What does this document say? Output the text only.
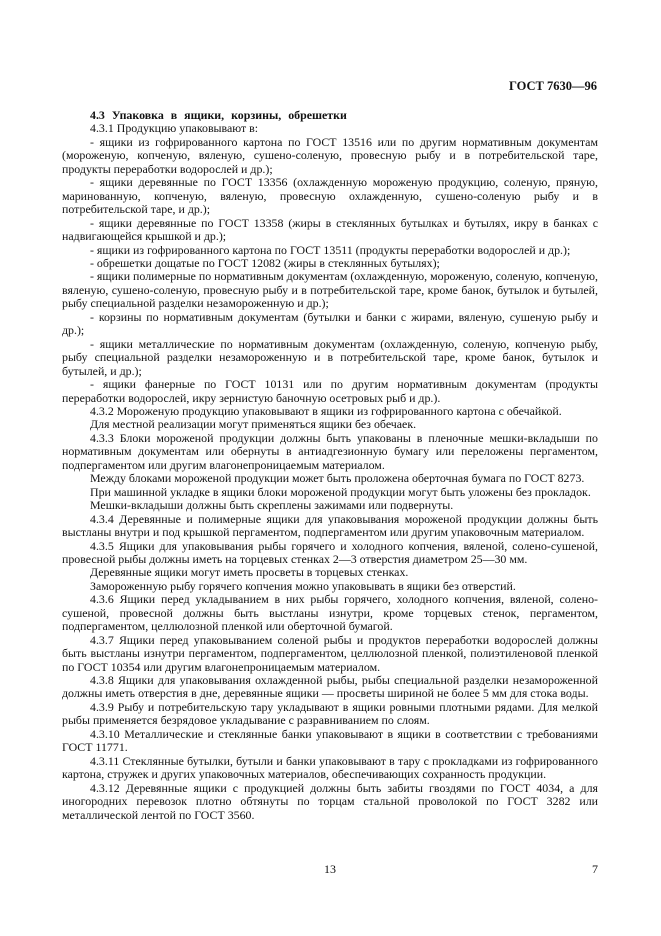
ГОСТ 7630—96
4.3 Упаковка в ящики, корзины, обрешетки

4.3.1 Продукцию упаковывают в:

- ящики из гофрированного картона по ГОСТ 13516 или по другим нормативным документам (мороженую, копченую, вяленую, сушено-соленую, провесную рыбу и в потребительской таре, продукты переработки водорослей и др.);

- ящики деревянные по ГОСТ 13356 (охлажденную мороженую продукцию, соленую, пряную, маринованную, копченую, вяленую, провесную охлажденную, сушено-соленую рыбу и в потребительской таре, и др.);

- ящики деревянные по ГОСТ 13358 (жиры в стеклянных бутылках и бутылях, икру в банках с надвигающейся крышкой и др.);

- ящики из гофрированного картона по ГОСТ 13511 (продукты переработки водорослей и др.);

- обрешетки дощатые по ГОСТ 12082 (жиры в стеклянных бутылях);

- ящики полимерные по нормативным документам (охлажденную, мороженую, соленую, копченую, вяленую, сушено-соленую, провесную рыбу и в потребительской таре, кроме банок, бутылок и бутылей, рыбу специальной разделки незамороженную и др.);

- корзины по нормативным документам (бутылки и банки с жирами, вяленую, сушеную рыбу и др.);

- ящики металлические по нормативным документам (охлажденную, соленую, копченую рыбу, рыбу специальной разделки незамороженную и в потребительской таре, кроме банок, бутылок и бутылей, и др.);

- ящики фанерные по ГОСТ 10131 или по другим нормативным документам (продукты переработки водорослей, икру зернистую баночную осетровых рыб и др.).

4.3.2 Мороженую продукцию упаковывают в ящики из гофрированного картона с обечайкой.

Для местной реализации могут применяться ящики без обечаек.

4.3.3 Блоки мороженой продукции должны быть упакованы в пленочные мешки-вкладыши по нормативным документам или обернуты в антиадгезионную бумагу или переложены пергаментом, подпергаментом или другим влагонепроницаемым материалом.

Между блоками мороженой продукции может быть проложена оберточная бумага по ГОСТ 8273.

При машинной укладке в ящики блоки мороженой продукции могут быть уложены без прокладок.

Мешки-вкладыши должны быть скреплены зажимами или подвернуты.

4.3.4 Деревянные и полимерные ящики для упаковывания мороженой продукции должны быть выстланы внутри и под крышкой пергаментом, подпергаментом или другим упаковочным материалом.

4.3.5 Ящики для упаковывания рыбы горячего и холодного копчения, вяленой, солено-сушеной, провесной рыбы должны иметь на торцевых стенках 2—3 отверстия диаметром 25—30 мм.

Деревянные ящики могут иметь просветы в торцевых стенках.

Замороженную рыбу горячего копчения можно упаковывать в ящики без отверстий.

4.3.6 Ящики перед укладыванием в них рыбы горячего, холодного копчения, вяленой, солено-сушеной, провесной должны быть выстланы изнутри, кроме торцевых стенок, пергаментом, подпергаментом, целлюлозной пленкой или оберточной бумагой.

4.3.7 Ящики перед упаковыванием соленой рыбы и продуктов переработки водорослей должны быть выстланы изнутри пергаментом, подпергаментом, целлюлозной пленкой, полиэтиленовой пленкой по ГОСТ 10354 или другим влагонепроницаемым материалом.

4.3.8 Ящики для упаковывания охлажденной рыбы, рыбы специальной разделки незамороженной должны иметь отверстия в дне, деревянные ящики — просветы шириной не более 5 мм для стока воды.

4.3.9 Рыбу и потребительскую тару укладывают в ящики ровными плотными рядами. Для мелкой рыбы применяется безрядовое укладывание с разравниванием по слоям.

4.3.10 Металлические и стеклянные банки упаковывают в ящики в соответствии с требованиями ГОСТ 11771.

4.3.11 Стеклянные бутылки, бутыли и банки упаковывают в тару с прокладками из гофрированного картона, стружек и других упаковочных материалов, обеспечивающих сохранность продукции.

4.3.12 Деревянные ящики с продукцией должны быть забиты гвоздями по ГОСТ 4034, а для иногородних перевозок плотно обтянуты по торцам стальной проволокой по ГОСТ 3282 или металлической лентой по ГОСТ 3560.

13	7
